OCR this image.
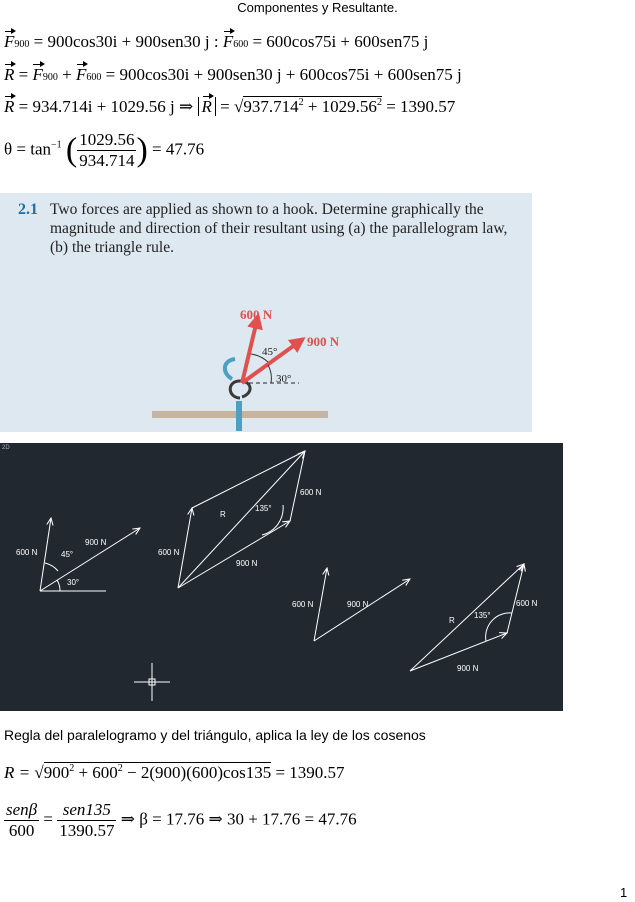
Componentes y Resultante.
F900 = 900cos30i + 900sen30 j : F600 = 600cos75i + 600sen75 j
R = F900 + F600 = 900cos30i + 900sen30 j + 600cos75i + 600sen75 j
R = 934.714i + 1029.56 j ⇒ $R = √937.714^2 + 1029.56^2 = 1390.57$
$\theta = \tan^{-1}$ ( $\frac{1029.56}{934.714}$ ) = 47.76
2.1 Two forces are applied as shown to a hook. Determine graphically the magnitude and direction of their resultant using (a) the parallelogram law, (b) the triangle rule.
600 N
900 N
45°
30°
2D
900 N
600 N	45°
30°
600 N
R
135°
600 N
900 N
600 N	900 N	600 N
R
135°
900 N
Regla del paralelogramo y del triángulo, aplica la ley de los cosenos
$R = √900^2 + 600^2 - 2(900)(600)\cos 135 = 1390.57$
$\frac{\text{senβ}}{600} = \frac{\text{sen135}}{1390.57}$ ⇒ β = 17.76 ⇒ 30 + 17.76 = 47.76
1
